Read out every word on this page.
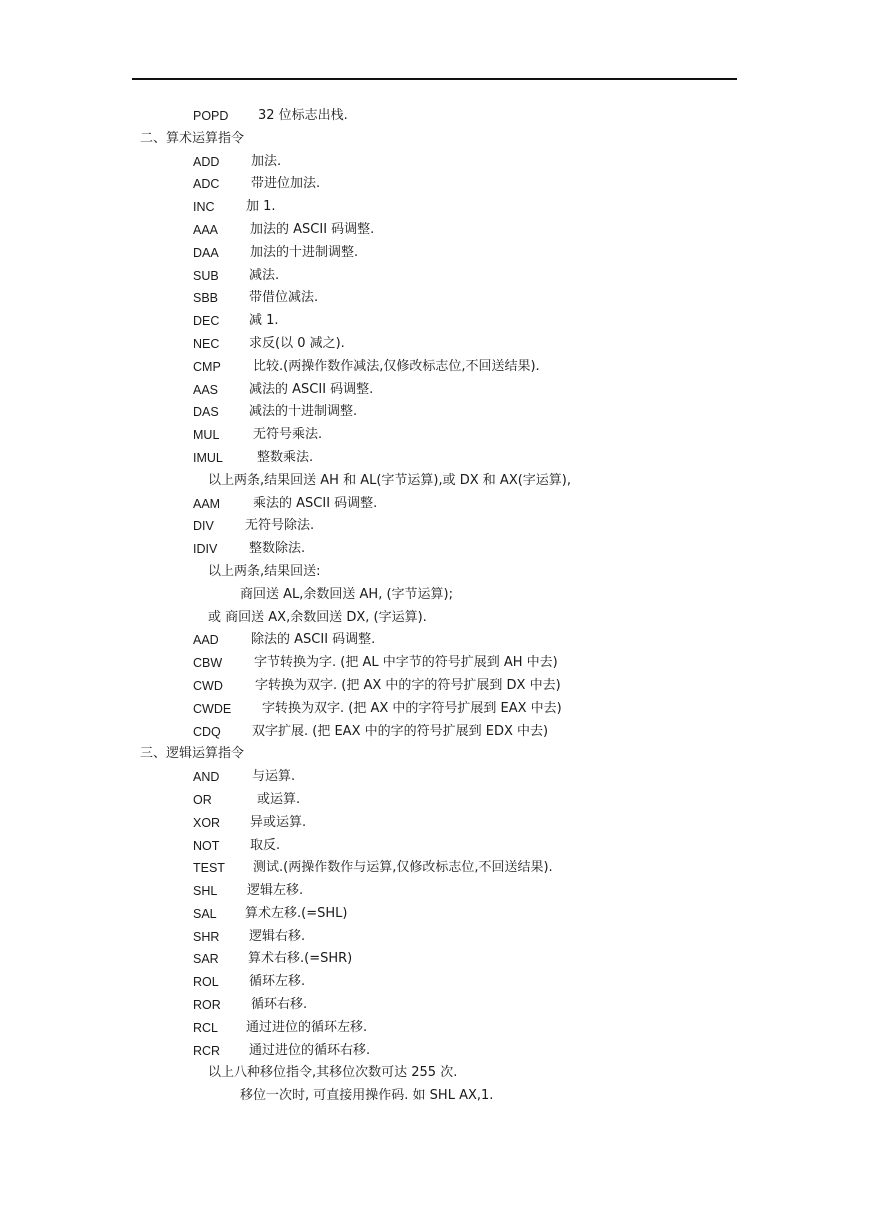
POPD 32 位标志出栈.
二、算术运算指令
ADD 加法.
ADC 带进位加法.
INC 加 1.
AAA 加法的 ASCII 码调整.
DAA 加法的十进制调整.
SUB 减法.
SBB 带借位减法.
DEC 减 1.
NEC 求反(以 0 减之).
CMP 比较.(两操作数作减法,仅修改标志位,不回送结果).
AAS 减法的 ASCII 码调整.
DAS 减法的十进制调整.
MUL	无符号乘法.
IMUL	整数乘法.
以上两条,结果回送 AH 和 AL(字节运算),或 DX 和 AX(字运算),
AAM	乘法的 ASCII 码调整.
DIV 无符号除法.
IDIV 整数除法.
以上两条,结果回送:
商回送 AL,余数回送 AH, (字节运算);
或 商回送 AX,余数回送 DX, (字运算).
AAD 除法的 ASCII 码调整.
CBW 字节转换为字. (把 AL 中字节的符号扩展到 AH 中去)
CWD 字转换为双字. (把 AX 中的字的符号扩展到 DX 中去)
CWDE 字转换为双字. (把 AX 中的字符号扩展到 EAX 中去)
CDQ 双字扩展. (把 EAX 中的字的符号扩展到 EDX 中去)
三、逻辑运算指令
AND	与运算.
OR	或运算.
XOR 异或运算.
NOT 取反.
TEST 测试.(两操作数作与运算,仅修改标志位,不回送结果).
SHL 逻辑左移.
SAL 算术左移.(=SHL)
SHR 逻辑右移.
SAR 算术右移.(=SHR)
ROL 循环左移.
ROR 循环右移.
RCL 通过进位的循环左移.
RCR 通过进位的循环右移.
以上八种移位指令,其移位次数可达 255 次.
移位一次时, 可直接用操作码. 如 SHL AX,1.
